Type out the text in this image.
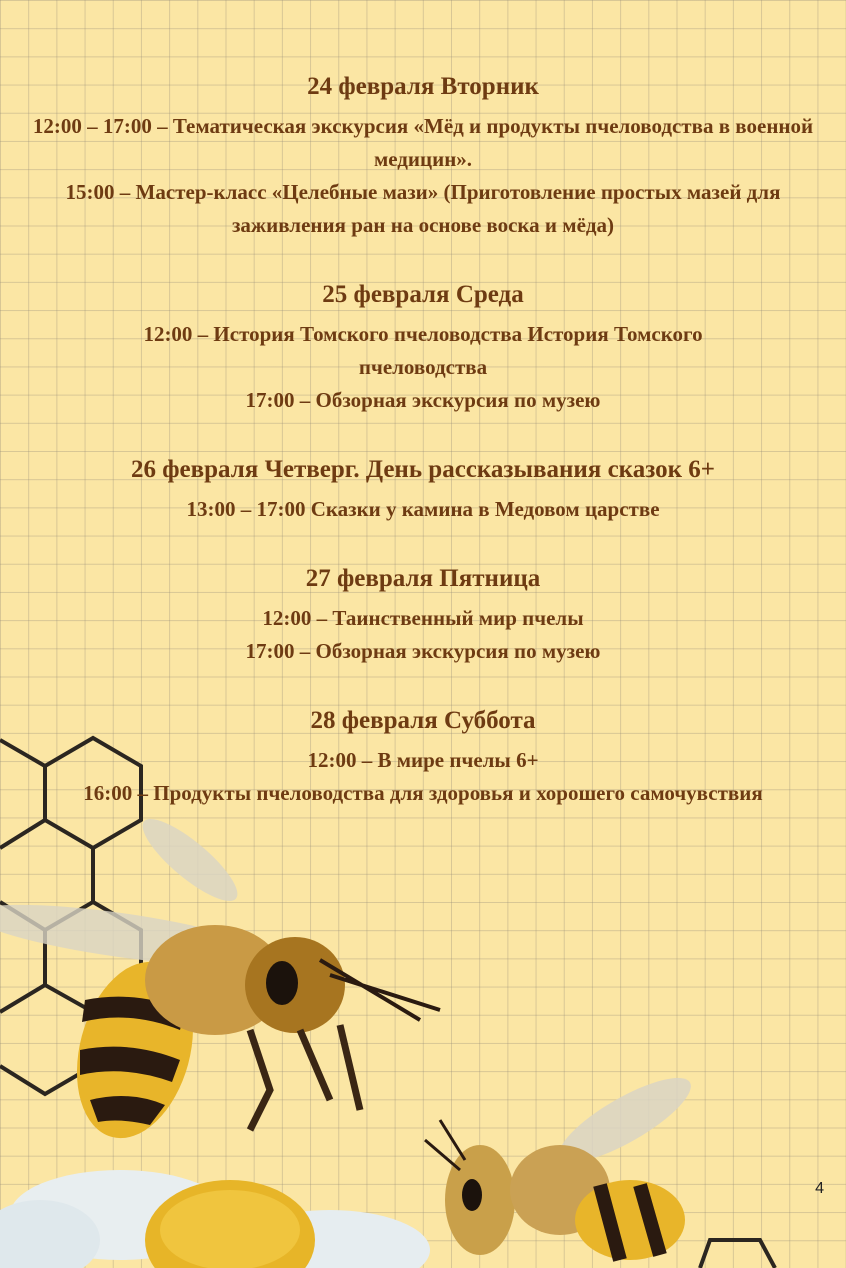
24 февраля Вторник
12:00 – 17:00 – Тематическая экскурсия «Мёд и продукты пчеловодства в военной медицин».
15:00 – Мастер-класс «Целебные мази» (Приготовление простых мазей для заживления ран на основе воска и мёда)
25 февраля Среда
12:00 – История Томского пчеловодства История Томского пчеловодства
17:00 – Обзорная экскурсия по музею
26 февраля Четверг. День рассказывания сказок 6+
13:00 – 17:00 Сказки у камина в Медовом царстве
27 февраля Пятница
12:00 – Таинственный мир пчелы
17:00 – Обзорная экскурсия по музею
28 февраля Суббота
12:00 – В мире пчелы 6+
16:00 – Продукты пчеловодства для здоровья и хорошего самочувствия
4
